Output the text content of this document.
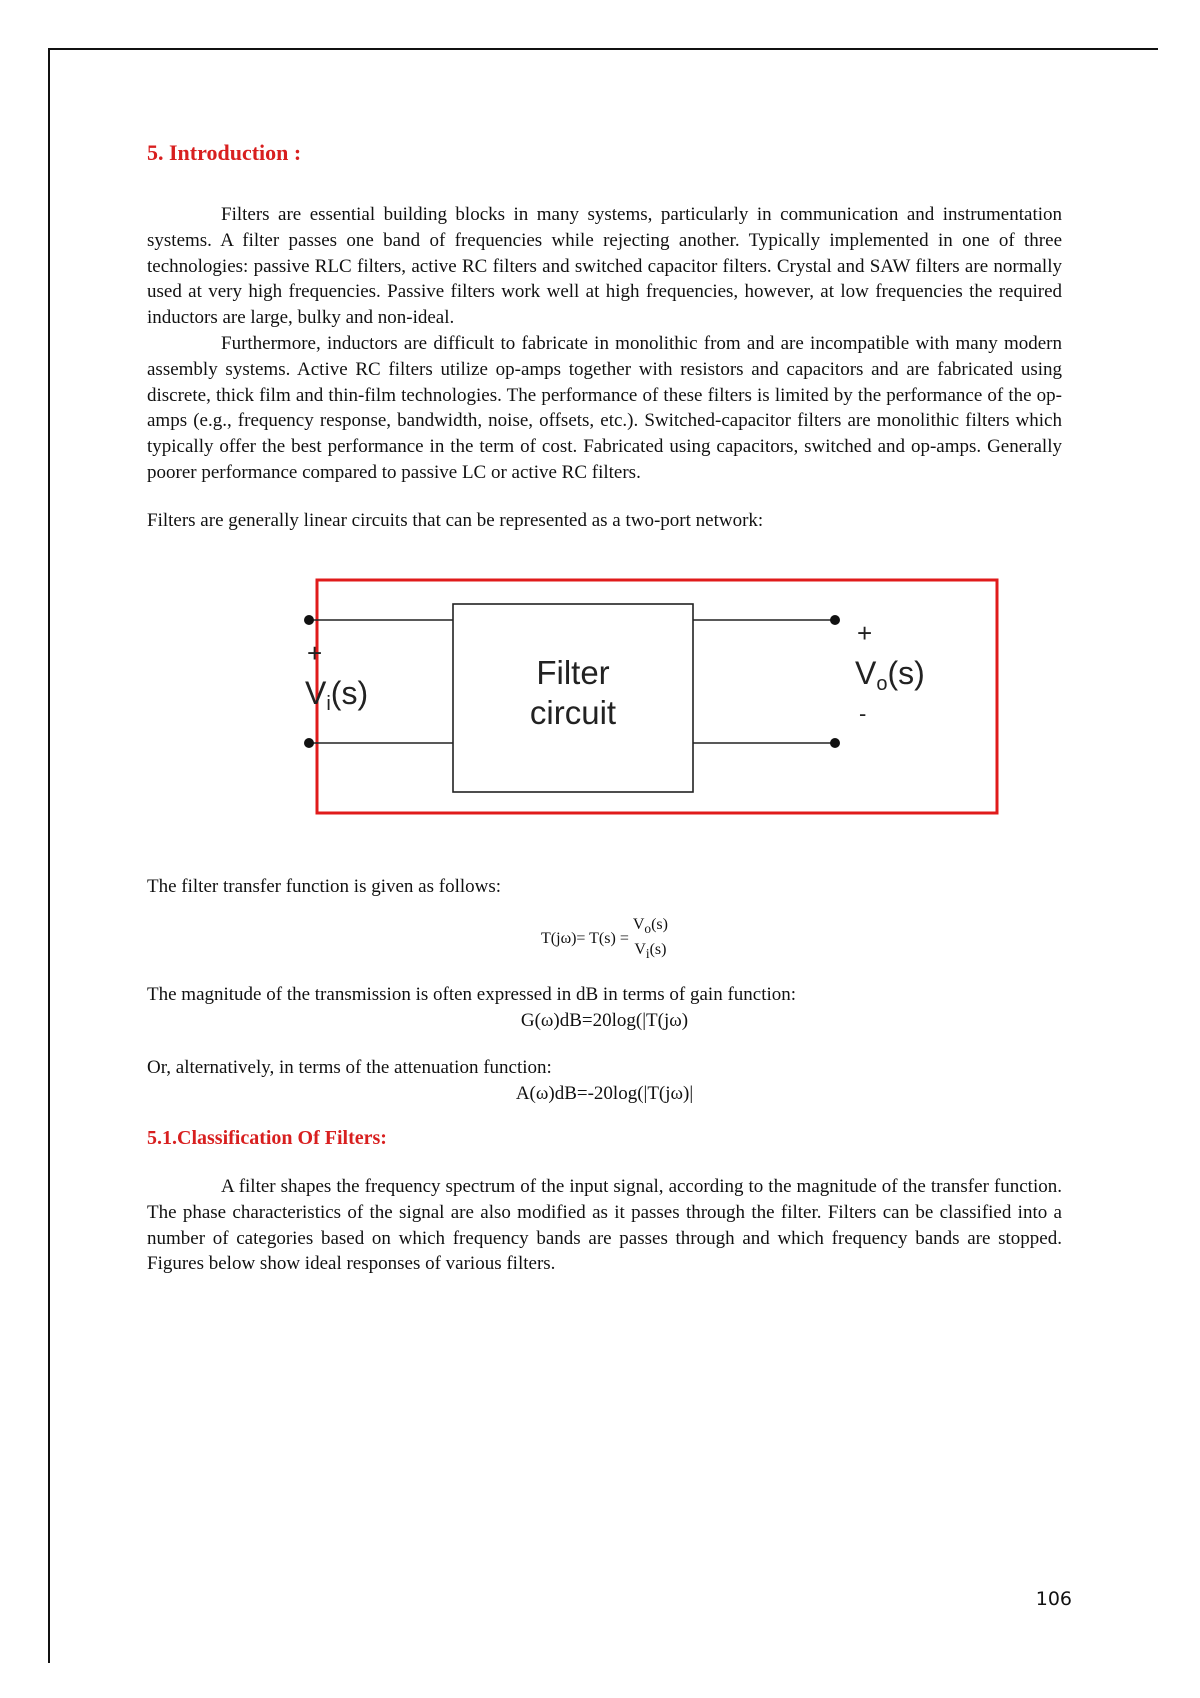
5. Introduction :

Filters are essential building blocks in many systems, particularly in communication and instrumentation systems. A filter passes one band of frequencies while rejecting another. Typically implemented in one of three technologies: passive RLC filters, active RC filters and switched capacitor filters. Crystal and SAW filters are normally used at very high frequencies. Passive filters work well at high frequencies, however, at low frequencies the required inductors are large, bulky and non-ideal.

Furthermore, inductors are difficult to fabricate in monolithic from and are incompatible with many modern assembly systems. Active RC filters utilize op-amps together with resistors and capacitors and are fabricated using discrete, thick film and thin-film technologies. The performance of these filters is limited by the performance of the op-amps (e.g., frequency response, bandwidth, noise, offsets, etc.). Switched-capacitor filters are monolithic filters which typically offer the best performance in the term of cost. Fabricated using capacitors, switched and op-amps. Generally poorer performance compared to passive LC or active RC filters.

Filters are generally linear circuits that can be represented as a two-port network:

Filter
circuit
+
Vi(s)
+
Vo(s)
-

The filter transfer function is given as follows:

T(jω)= T(s) =
$V_o(s)$
$V_i(s)$

The magnitude of the transmission is often expressed in dB in terms of gain function:

G(ω)dB=20log(|T(jω)

Or, alternatively, in terms of the attenuation function:

A(ω)dB=-20log(|T(jω)|
5.1.Classification Of Filters:

A filter shapes the frequency spectrum of the input signal, according to the magnitude of the transfer function. The phase characteristics of the signal are also modified as it passes through the filter. Filters can be classified into a number of categories based on which frequency bands are passes through and which frequency bands are stopped. Figures below show ideal responses of various filters.

106
